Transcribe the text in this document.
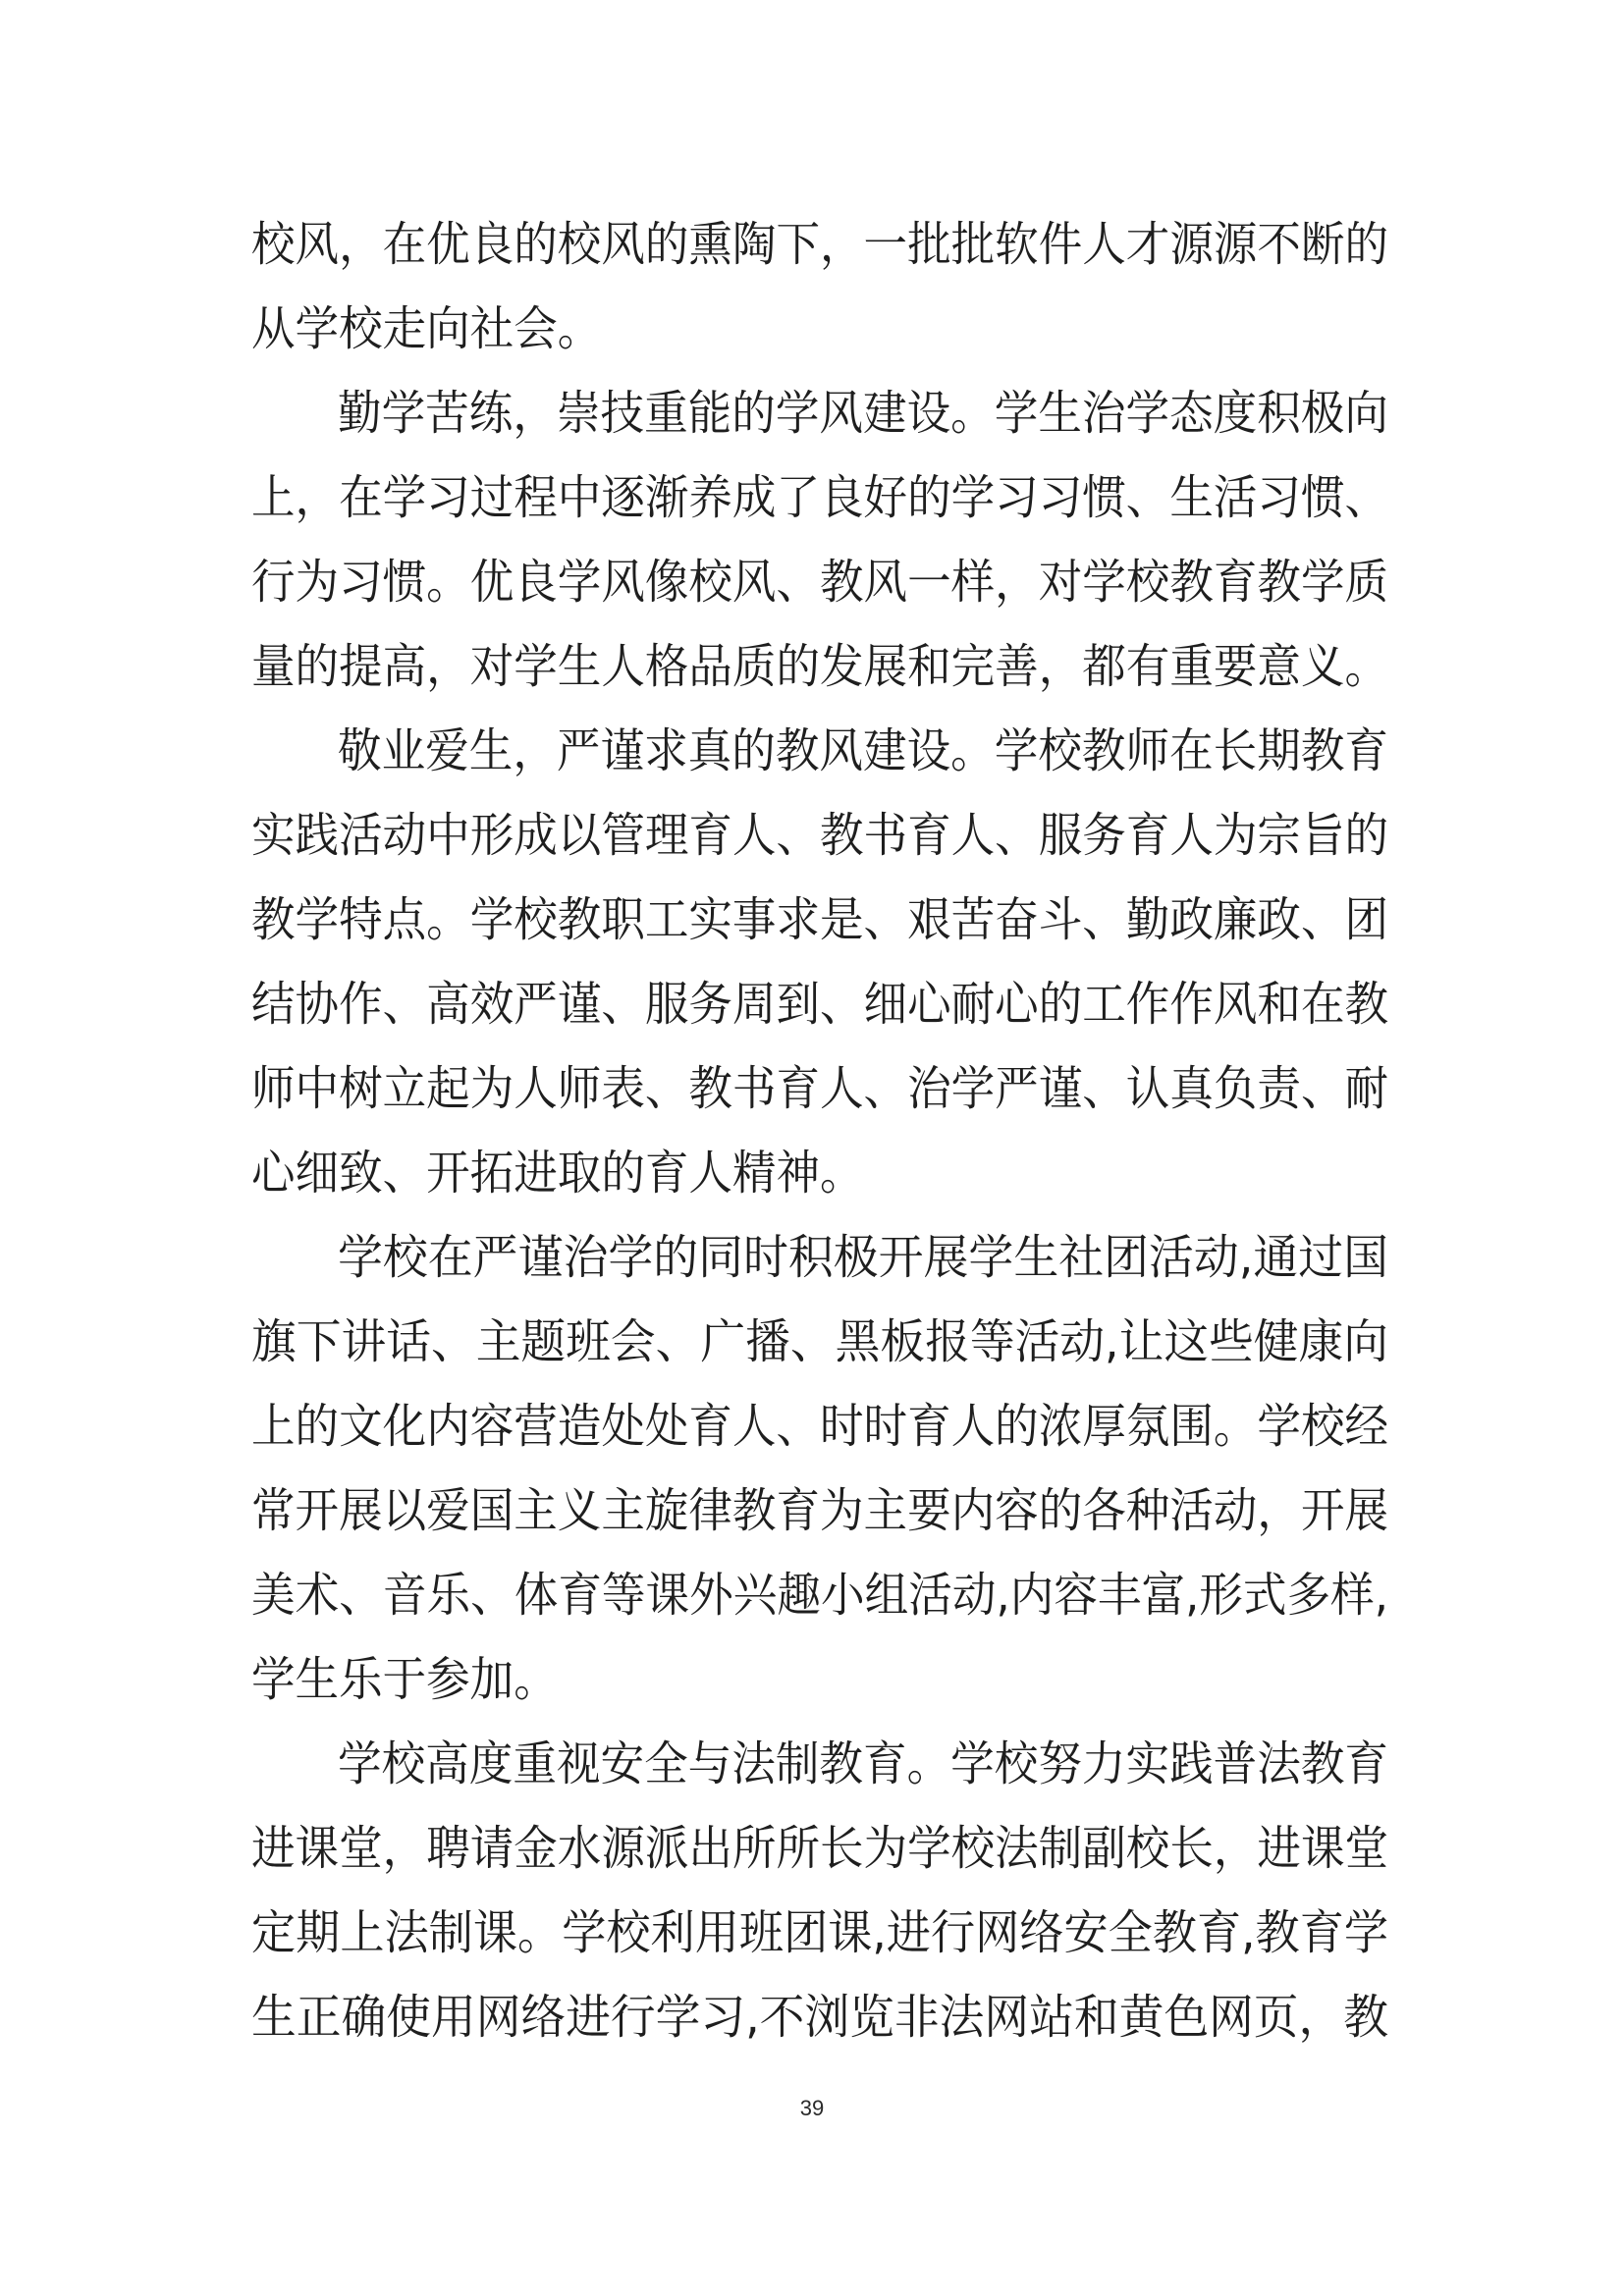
校风，在优良的校风的熏陶下，一批批软件人才源源不断的
从学校走向社会。
勤学苦练，崇技重能的学风建设。学生治学态度积极向
上，在学习过程中逐渐养成了良好的学习习惯、生活习惯、
行为习惯。优良学风像校风、教风一样，对学校教育教学质
量的提高，对学生人格品质的发展和完善，都有重要意义。
敬业爱生，严谨求真的教风建设。学校教师在长期教育
实践活动中形成以管理育人、教书育人、服务育人为宗旨的
教学特点。学校教职工实事求是、艰苦奋斗、勤政廉政、团
结协作、高效严谨、服务周到、细心耐心的工作作风和在教
师中树立起为人师表、教书育人、治学严谨、认真负责、耐
心细致、开拓进取的育人精神。
学校在严谨治学的同时积极开展学生社团活动,通过国
旗下讲话、主题班会、广播、黑板报等活动,让这些健康向
上的文化内容营造处处育人、时时育人的浓厚氛围。学校经
常开展以爱国主义主旋律教育为主要内容的各种活动，开展
美术、音乐、体育等课外兴趣小组活动,内容丰富,形式多样,
学生乐于参加。
学校高度重视安全与法制教育。学校努力实践普法教育
进课堂，聘请金水源派出所所长为学校法制副校长，进课堂
定期上法制课。学校利用班团课,进行网络安全教育,教育学
生正确使用网络进行学习,不浏览非法网站和黄色网页，教
39
